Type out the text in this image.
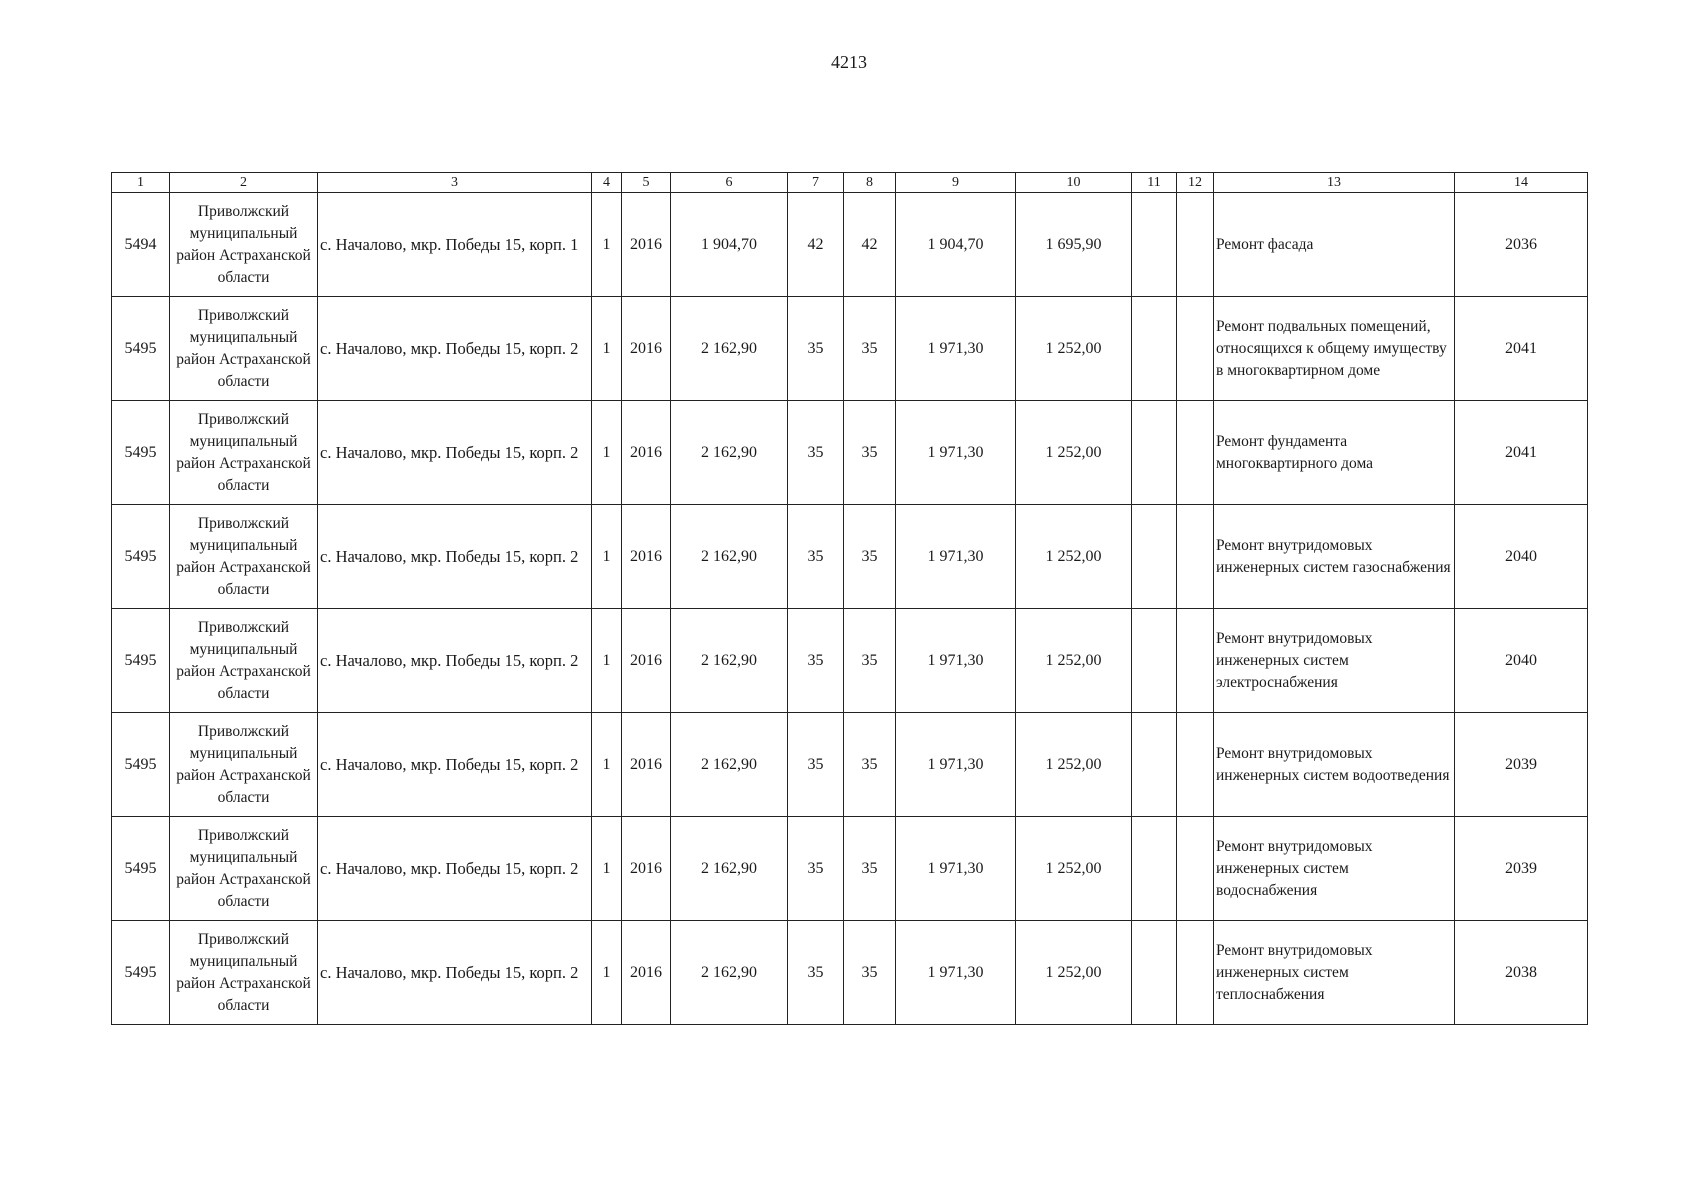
4213
1	2	3	4	5	6	7	8	9	10	11	12	13	14
5494	Приволжский муниципальный район Астраханской области	с. Началово, мкр. Победы 15, корп. 1	1	2016	1 904,70	42	42	1 904,70	1 695,90			Ремонт фасада	2036
5495	Приволжский муниципальный район Астраханской области	с. Началово, мкр. Победы 15, корп. 2	1	2016	2 162,90	35	35	1 971,30	1 252,00			Ремонт подвальных помещений, относящихся к общему имуществу в многоквартирном доме	2041
5495	Приволжский муниципальный район Астраханской области	с. Началово, мкр. Победы 15, корп. 2	1	2016	2 162,90	35	35	1 971,30	1 252,00			Ремонт фундамента многоквартирного дома	2041
5495	Приволжский муниципальный район Астраханской области	с. Началово, мкр. Победы 15, корп. 2	1	2016	2 162,90	35	35	1 971,30	1 252,00			Ремонт внутридомовых инженерных систем газоснабжения	2040
5495	Приволжский муниципальный район Астраханской области	с. Началово, мкр. Победы 15, корп. 2	1	2016	2 162,90	35	35	1 971,30	1 252,00			Ремонт внутридомовых инженерных систем электроснабжения	2040
5495	Приволжский муниципальный район Астраханской области	с. Началово, мкр. Победы 15, корп. 2	1	2016	2 162,90	35	35	1 971,30	1 252,00			Ремонт внутридомовых инженерных систем водоотведения	2039
5495	Приволжский муниципальный район Астраханской области	с. Началово, мкр. Победы 15, корп. 2	1	2016	2 162,90	35	35	1 971,30	1 252,00			Ремонт внутридомовых инженерных систем водоснабжения	2039
5495	Приволжский муниципальный район Астраханской области	с. Началово, мкр. Победы 15, корп. 2	1	2016	2 162,90	35	35	1 971,30	1 252,00			Ремонт внутридомовых инженерных систем теплоснабжения	2038
